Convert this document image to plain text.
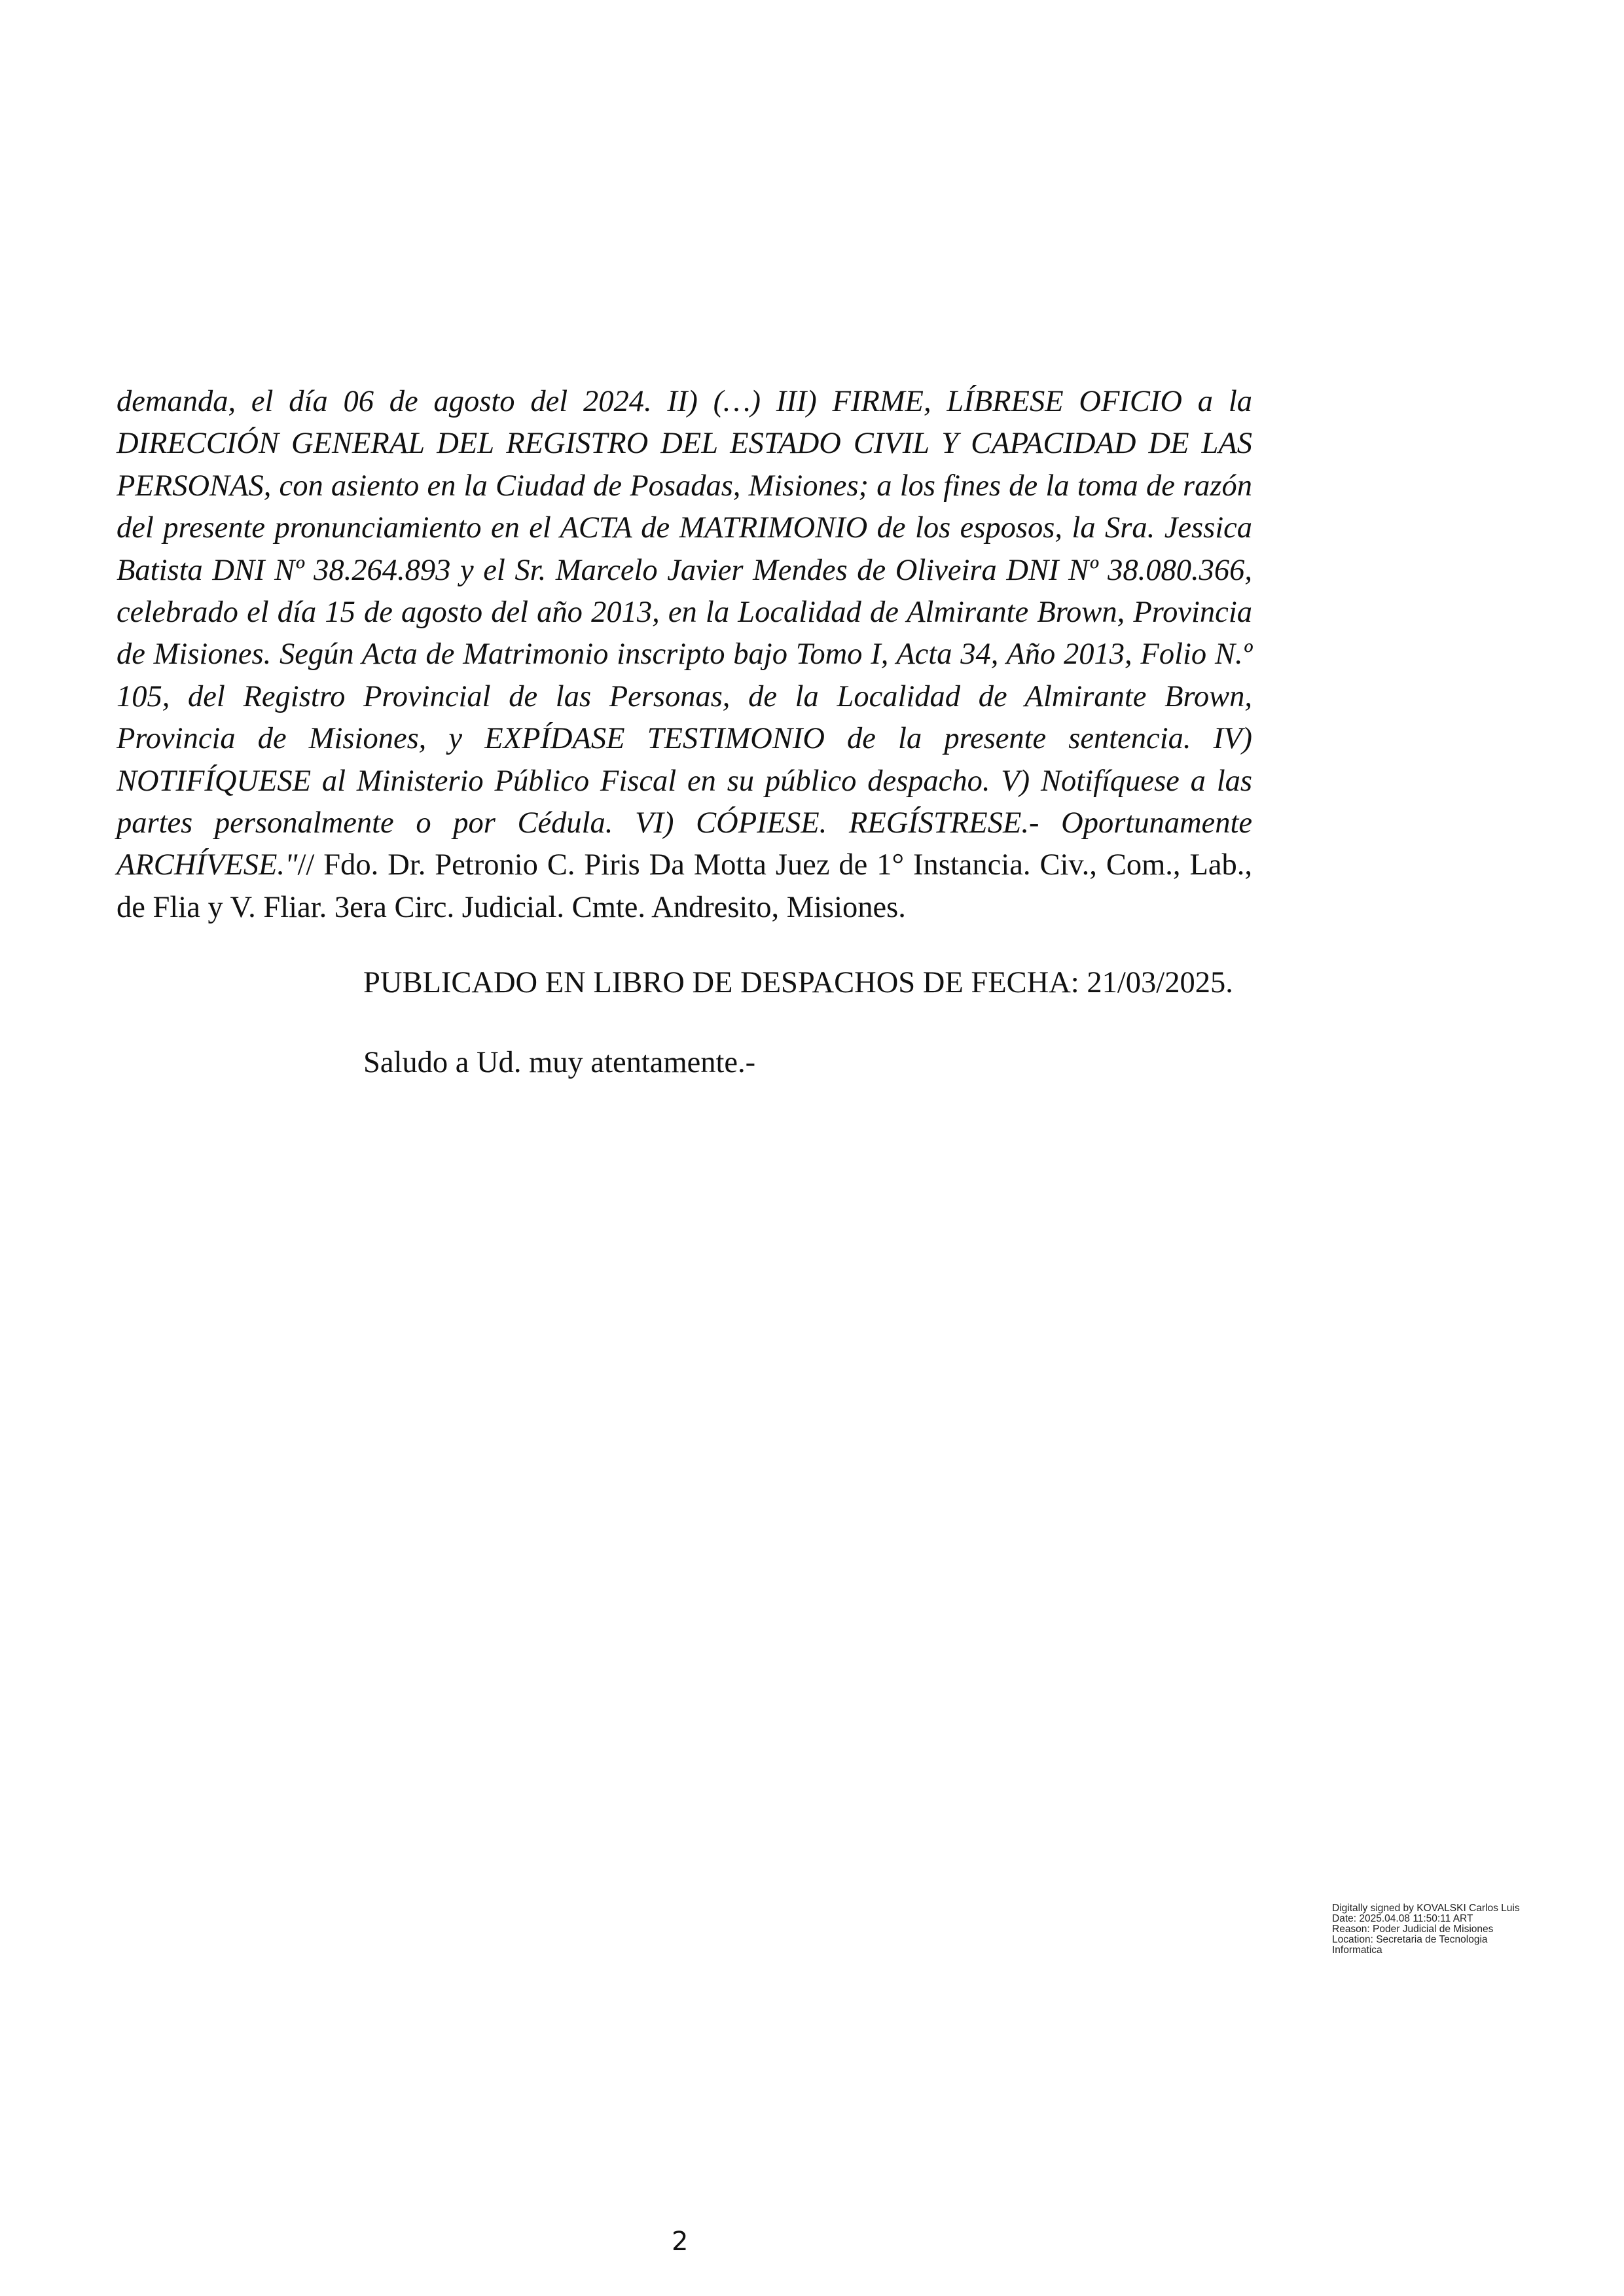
demanda, el día 06 de agosto del 2024. II) (…) III) FIRME, LÍBRESE OFICIO a la DIRECCIÓN GENERAL DEL REGISTRO DEL ESTADO CIVIL Y CAPACIDAD DE LAS PERSONAS, con asiento en la Ciudad de Posadas, Misiones; a los fines de la toma de razón del presente pronunciamiento en el ACTA de MATRIMONIO de los esposos, la Sra. Jessica Batista DNI Nº 38.264.893 y el Sr. Marcelo Javier Mendes de Oliveira DNI Nº 38.080.366, celebrado el día 15 de agosto del año 2013, en la Localidad de Almirante Brown, Provincia de Misiones. Según Acta de Matrimonio inscripto bajo Tomo I, Acta 34, Año 2013, Folio N.º 105, del Registro Provincial de las Personas, de la Localidad de Almirante Brown, Provincia de Misiones, y EXPÍDASE TESTIMONIO de la presente sentencia. IV) NOTIFÍQUESE al Ministerio Público Fiscal en su público despacho. V) Notifíquese a las partes personalmente o por Cédula. VI) CÓPIESE. REGÍSTRESE.- Oportunamente ARCHÍVESE."// Fdo. Dr. Petronio C. Piris Da Motta Juez de 1° Instancia. Civ., Com., Lab., de Flia y V. Fliar. 3era Circ. Judicial. Cmte. Andresito, Misiones.

PUBLICADO EN LIBRO DE DESPACHOS DE FECHA: 21/03/2025.

Saludo a Ud. muy atentamente.-

Digitally signed by KOVALSKI Carlos Luis
Date: 2025.04.08 11:50:11 ART
Reason: Poder Judicial de Misiones
Location: Secretaria de Tecnologia
Informatica

2
